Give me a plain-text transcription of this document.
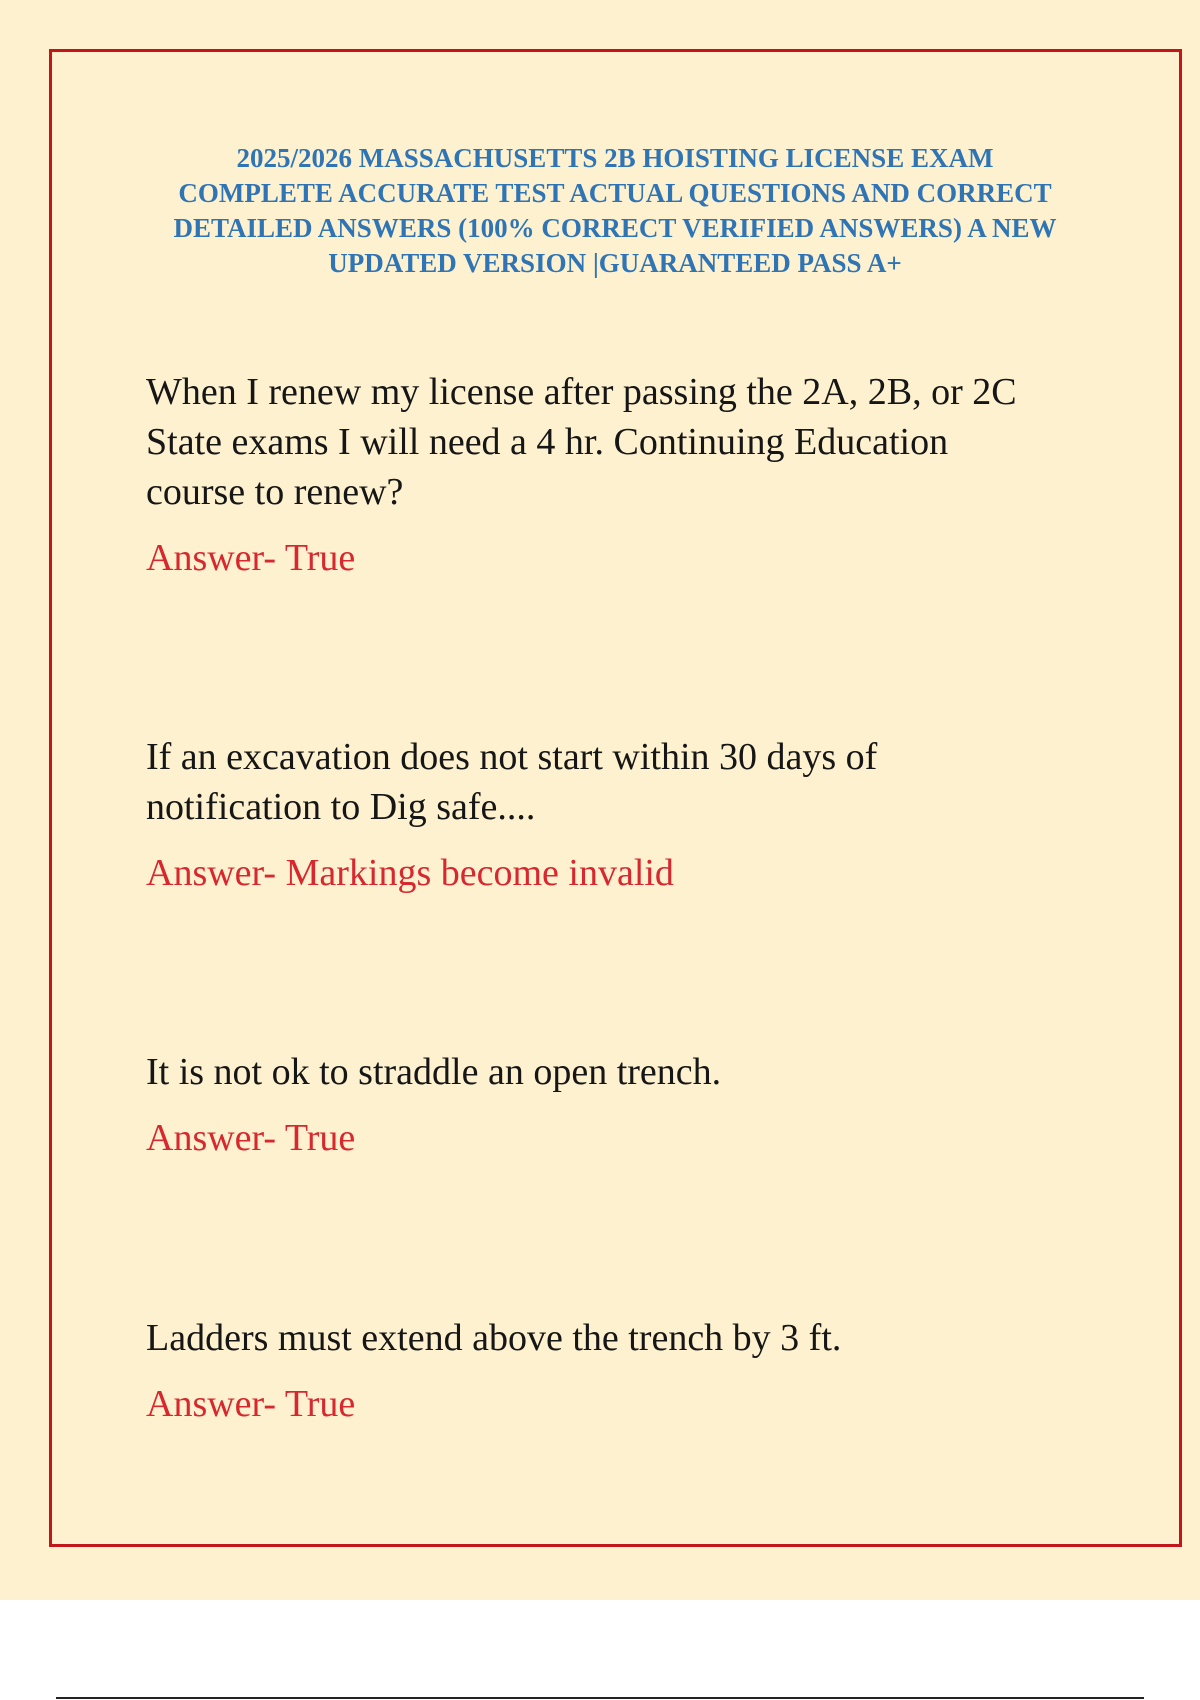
2025/2026 MASSACHUSETTS 2B HOISTING LICENSE EXAM
COMPLETE ACCURATE TEST ACTUAL QUESTIONS AND CORRECT
DETAILED ANSWERS (100% CORRECT VERIFIED ANSWERS) A NEW
UPDATED VERSION |GUARANTEED PASS A+
When I renew my license after passing the 2A, 2B, or 2C
State exams I will need a 4 hr. Continuing Education
course to renew?
Answer- True
If an excavation does not start within 30 days of
notification to Dig safe....
Answer- Markings become invalid
It is not ok to straddle an open trench.
Answer- True
Ladders must extend above the trench by 3 ft.
Answer- True
